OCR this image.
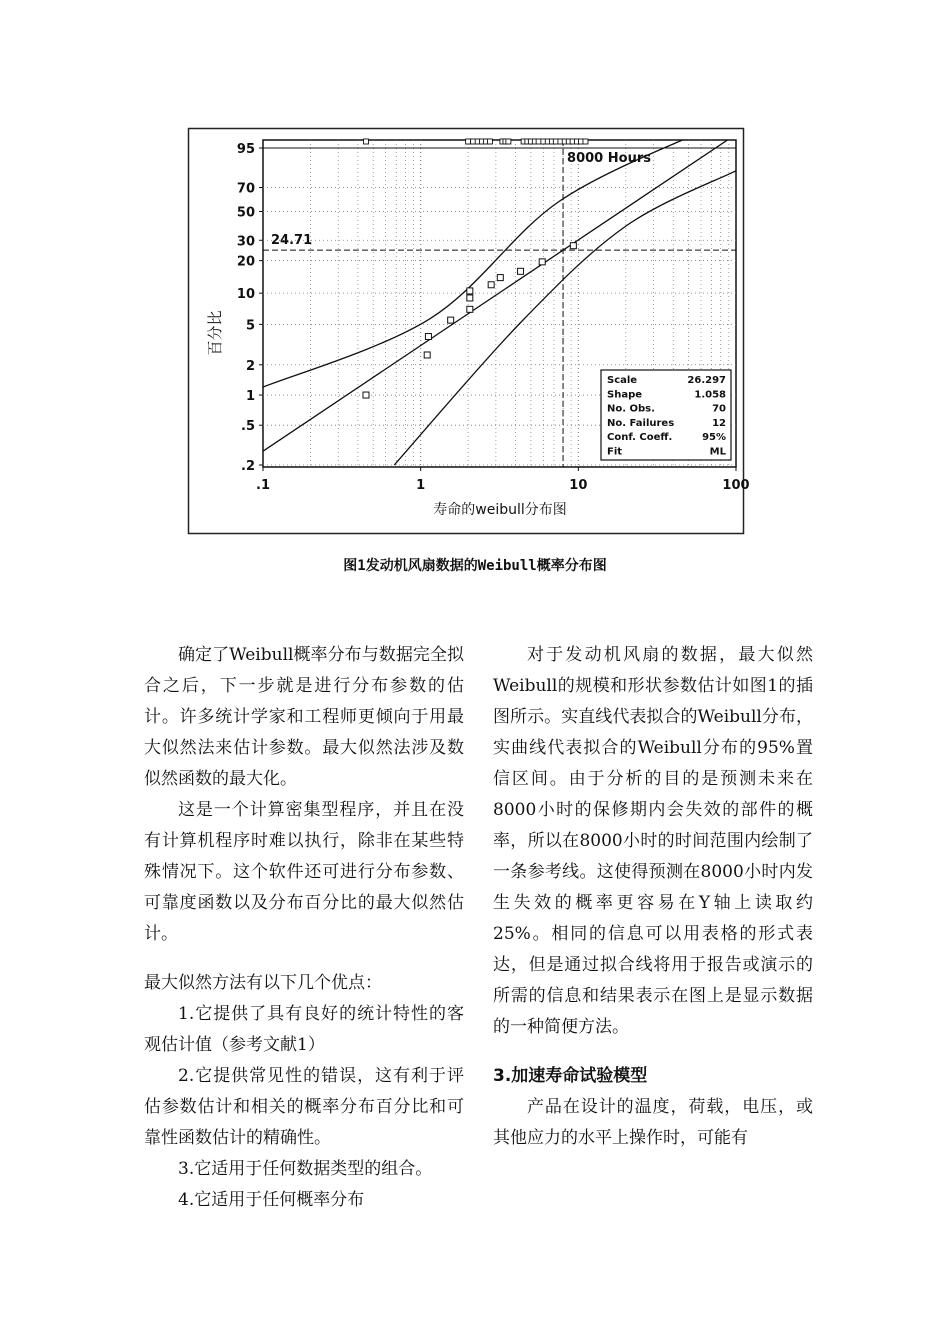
8000 Hours
24.71
95
70
50
30
20
10
5
2
1
.5
.2
.1	1	10	100
Scale	26.297
Shape	1.058
No. Obs.	70
No. Failures	12
Conf. Coeff.	95%
Fit	ML
百分比
寿命的weibull分布图
图1发动机风扇数据的Weibull概率分布图

确定了Weibull概率分布与数据完全拟合之后，下一步就是进行分布参数的估计。许多统计学家和工程师更倾向于用最大似然法来估计参数。最大似然法涉及数似然函数的最大化。

这是一个计算密集型程序，并且在没有计算机程序时难以执行，除非在某些特殊情况下。这个软件还可进行分布参数、可靠度函数以及分布百分比的最大似然估计。

最大似然方法有以下几个优点：

1.它提供了具有良好的统计特性的客观估计值（参考文献1）

2.它提供常见性的错误，这有利于评估参数估计和相关的概率分布百分比和可靠性函数估计的精确性。

3.它适用于任何数据类型的组合。

4.它适用于任何概率分布

对于发动机风扇的数据，最大似然Weibull的规模和形状参数估计如图1的插图所示。实直线代表拟合的Weibull分布，实曲线代表拟合的Weibull分布的95%置信区间。由于分析的目的是预测未来在8000小时的保修期内会失效的部件的概率，所以在8000小时的时间范围内绘制了一条参考线。这使得预测在8000小时内发生失效的概率更容易在Y轴上读取约25%。相同的信息可以用表格的形式表达，但是通过拟合线将用于报告或演示的所需的信息和结果表示在图上是显示数据的一种简便方法。

3.加速寿命试验模型

产品在设计的温度，荷载，电压，或其他应力的水平上操作时，可能有
